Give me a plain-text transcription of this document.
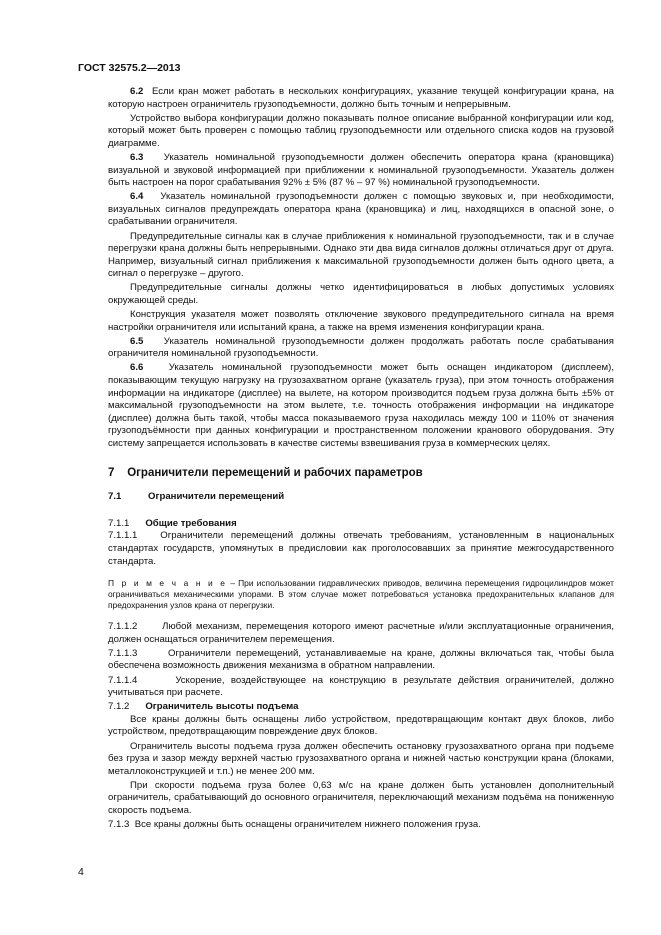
ГОСТ 32575.2—2013

6.2 Если кран может работать в нескольких конфигурациях, указание текущей конфигурации крана, на которую настроен ограничитель грузоподъемности, должно быть точным и непрерывным.

Устройство выбора конфигурации должно показывать полное описание выбранной конфигурации или код, который может быть проверен с помощью таблиц грузоподъемности или отдельного списка кодов на грузовой диаграмме.

6.3 Указатель номинальной грузоподъемности должен обеспечить оператора крана (крановщика) визуальной и звуковой информацией при приближении к номинальной грузоподъемности. Указатель должен быть настроен на порог срабатывания 92% ± 5% (87 % – 97 %) номинальной грузоподъемности.

6.4 Указатель номинальной грузоподъемности должен с помощью звуковых и, при необходимости, визуальных сигналов предупреждать оператора крана (крановщика) и лиц, находящихся в опасной зоне, о срабатывании ограничителя.

Предупредительные сигналы как в случае приближения к номинальной грузоподъемности, так и в случае перегрузки крана должны быть непрерывными. Однако эти два вида сигналов должны отличаться друг от друга. Например, визуальный сигнал приближения к максимальной грузоподъемности должен быть одного цвета, а сигнал о перегрузке – другого.

Предупредительные сигналы должны четко идентифицироваться в любых допустимых условиях окружающей среды.

Конструкция указателя может позволять отключение звукового предупредительного сигнала на время настройки ограничителя или испытаний крана, а также на время изменения конфигурации крана.

6.5 Указатель номинальной грузоподъемности должен продолжать работать после срабатывания ограничителя номинальной грузоподъемности.

6.6	Указатель номинальной грузоподъемности может быть оснащен индикатором (дисплеем), показывающим текущую нагрузку на грузозахватном органе (указатель груза), при этом точность отображения информации на индикаторе (дисплее) на вылете, на котором производится подъем груза должна быть ±5% от максимальной грузоподъемности на этом вылете, т.е. точность отображения информации на индикаторе (дисплее) должна быть такой, чтобы масса показываемого груза находилась между 100 и 110% от значения грузоподъёмности при данных конфигурации и пространственном положении кранового оборудования. Эту систему запрещается использовать в качестве системы взвешивания груза в коммерческих целях.

7 Ограничители перемещений и рабочих параметров

7.1	Ограничители перемещений

7.1.1 Общие требования

7.1.1.1 Ограничители перемещений должны отвечать требованиям, установленным в национальных стандартах государств, упомянутых в предисловии как проголосовавших за принятие межгосударственного стандарта.

П р и м е ч а н и е – При использовании гидравлических приводов, величина перемещения гидроцилиндров может ограничиваться механическими упорами. В этом случае может потребоваться установка предохранительных клапанов для предохранения узлов крана от перегрузки.

7.1.1.2	Любой механизм, перемещения которого имеют расчетные и/или эксплуатационные ограничения, должен оснащаться ограничителем перемещения.

7.1.1.3	Ограничители перемещений, устанавливаемые на кране, должны включаться так, чтобы была обеспечена возможность движения механизма в обратном направлении.

7.1.1.4	Ускорение, воздействующее на конструкцию в результате действия ограничителей, должно учитываться при расчете.

7.1.2 Ограничитель высоты подъема

Все краны должны быть оснащены либо устройством, предотвращающим контакт двух блоков, либо устройством, предотвращающим повреждение двух блоков.

Ограничитель высоты подъема груза должен обеспечить остановку грузозахватного органа при подъеме без груза и зазор между верхней частью грузозахватного органа и нижней частью конструкции крана (блоками, металлоконструкцией и т.п.) не менее 200 мм.

При скорости подъема груза более 0,63 м/с на кране должен быть установлен дополнительный ограничитель, срабатывающий до основного ограничителя, переключающий механизм подъёма на пониженную скорость подъема.

7.1.3 Все краны должны быть оснащены ограничителем нижнего положения груза.

4
